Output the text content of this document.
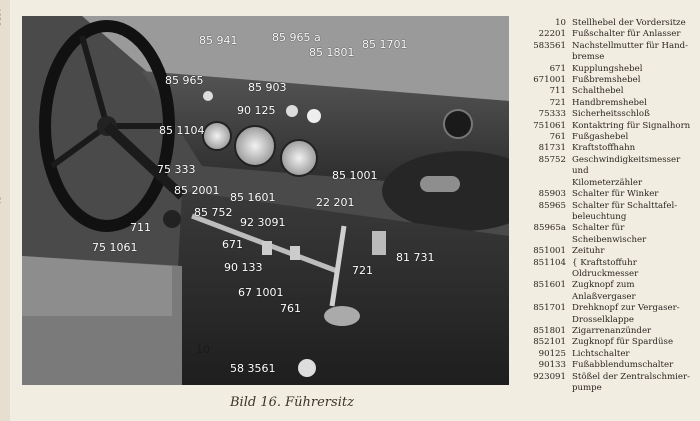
85 941	85 965 a
85 1801
85 1701
85 965
85 903
90 125
85 1104
75 333
85 2001
85 1601
85 752
92 3091
85 1001
22 201
711
75 1061	671
90 133
67 1001
721
81 731
761
10
58 3561
Bild 16. Führersitz
10 Stellhebel der Vordersitze
22201 Fußschalter für Anlasser
583561 Nachstellmutter für Hand-
bremse
671 Kupplungshebel
671001 Fußbremshebel
711 Schalthebel
721 Handbremshebel
75333 Sicherheitsschloß
751061 Kontaktring für Signalhorn
761 Fußgashebel
81731 Kraftstoffhahn
85752 Geschwindigkeitsmesser und
Kilometerzähler
85903 Schalter für Winker
85965 Schalter für Schalttafel-
beleuchtung
85965a Schalter für Scheibenwischer
851001 Zeituhr
851104 { Kraftstoffuhr
Oldruckmesser
851601 Zugknopf zum Anlaßvergaser
851701 Drehknopf zur Vergaser-
Drosselklappe
851801 Zigarrenanzünder
852101 Zugknopf für Spardüse
90125 Lichtschalter
90133 Fußabblendumschalter
923091 Stößel der Zentralschmier-
pumpe
